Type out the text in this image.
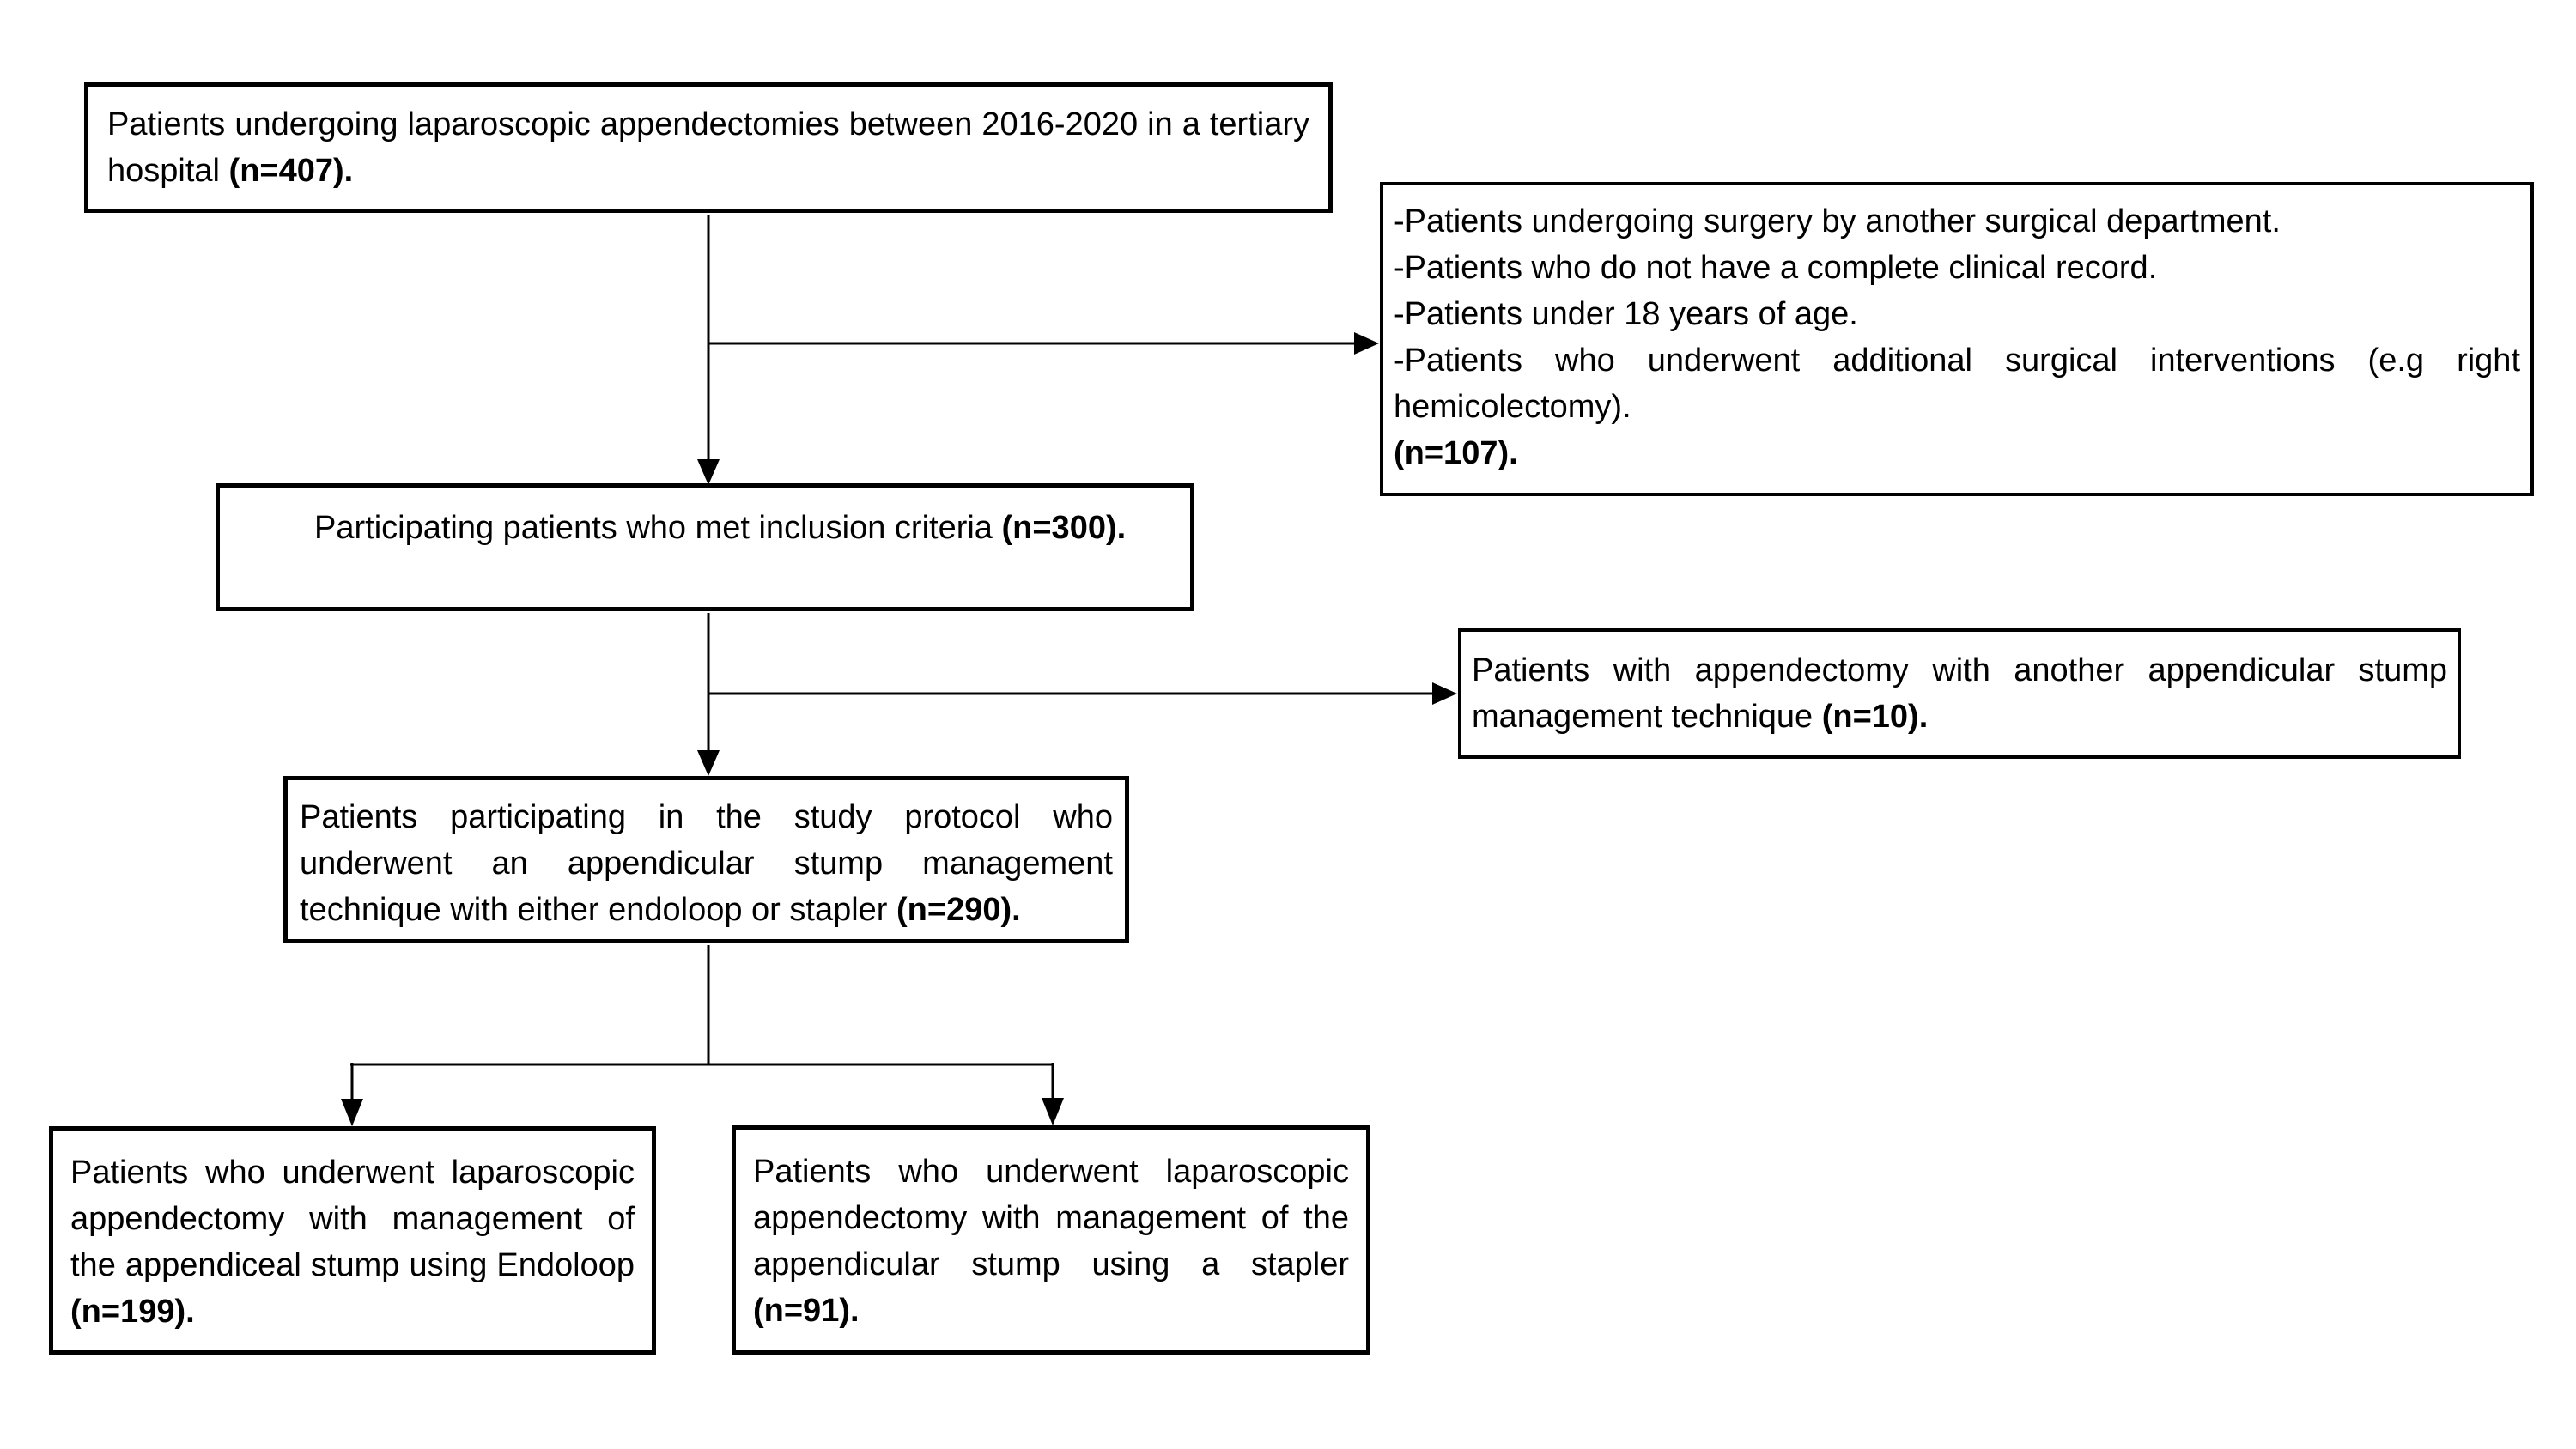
Patients undergoing laparoscopic appendectomies between 2016-2020 in a tertiary hospital (n=407).

-Patients undergoing surgery by another surgical department.

-Patients who do not have a complete clinical record.

-Patients under 18 years of age.

-Patients who underwent additional surgical interventions (e.g right hemicolectomy).

(n=107).

Participating patients who met inclusion criteria (n=300).

Patients with appendectomy with another appendicular stump management technique (n=10).

Patients participating in the study protocol who underwent an appendicular stump management technique with either endoloop or stapler (n=290).

Patients who underwent laparoscopic appendectomy with management of the appendiceal stump using Endoloop (n=199).

Patients who underwent laparoscopic appendectomy with management of the appendicular stump using a stapler (n=91).
